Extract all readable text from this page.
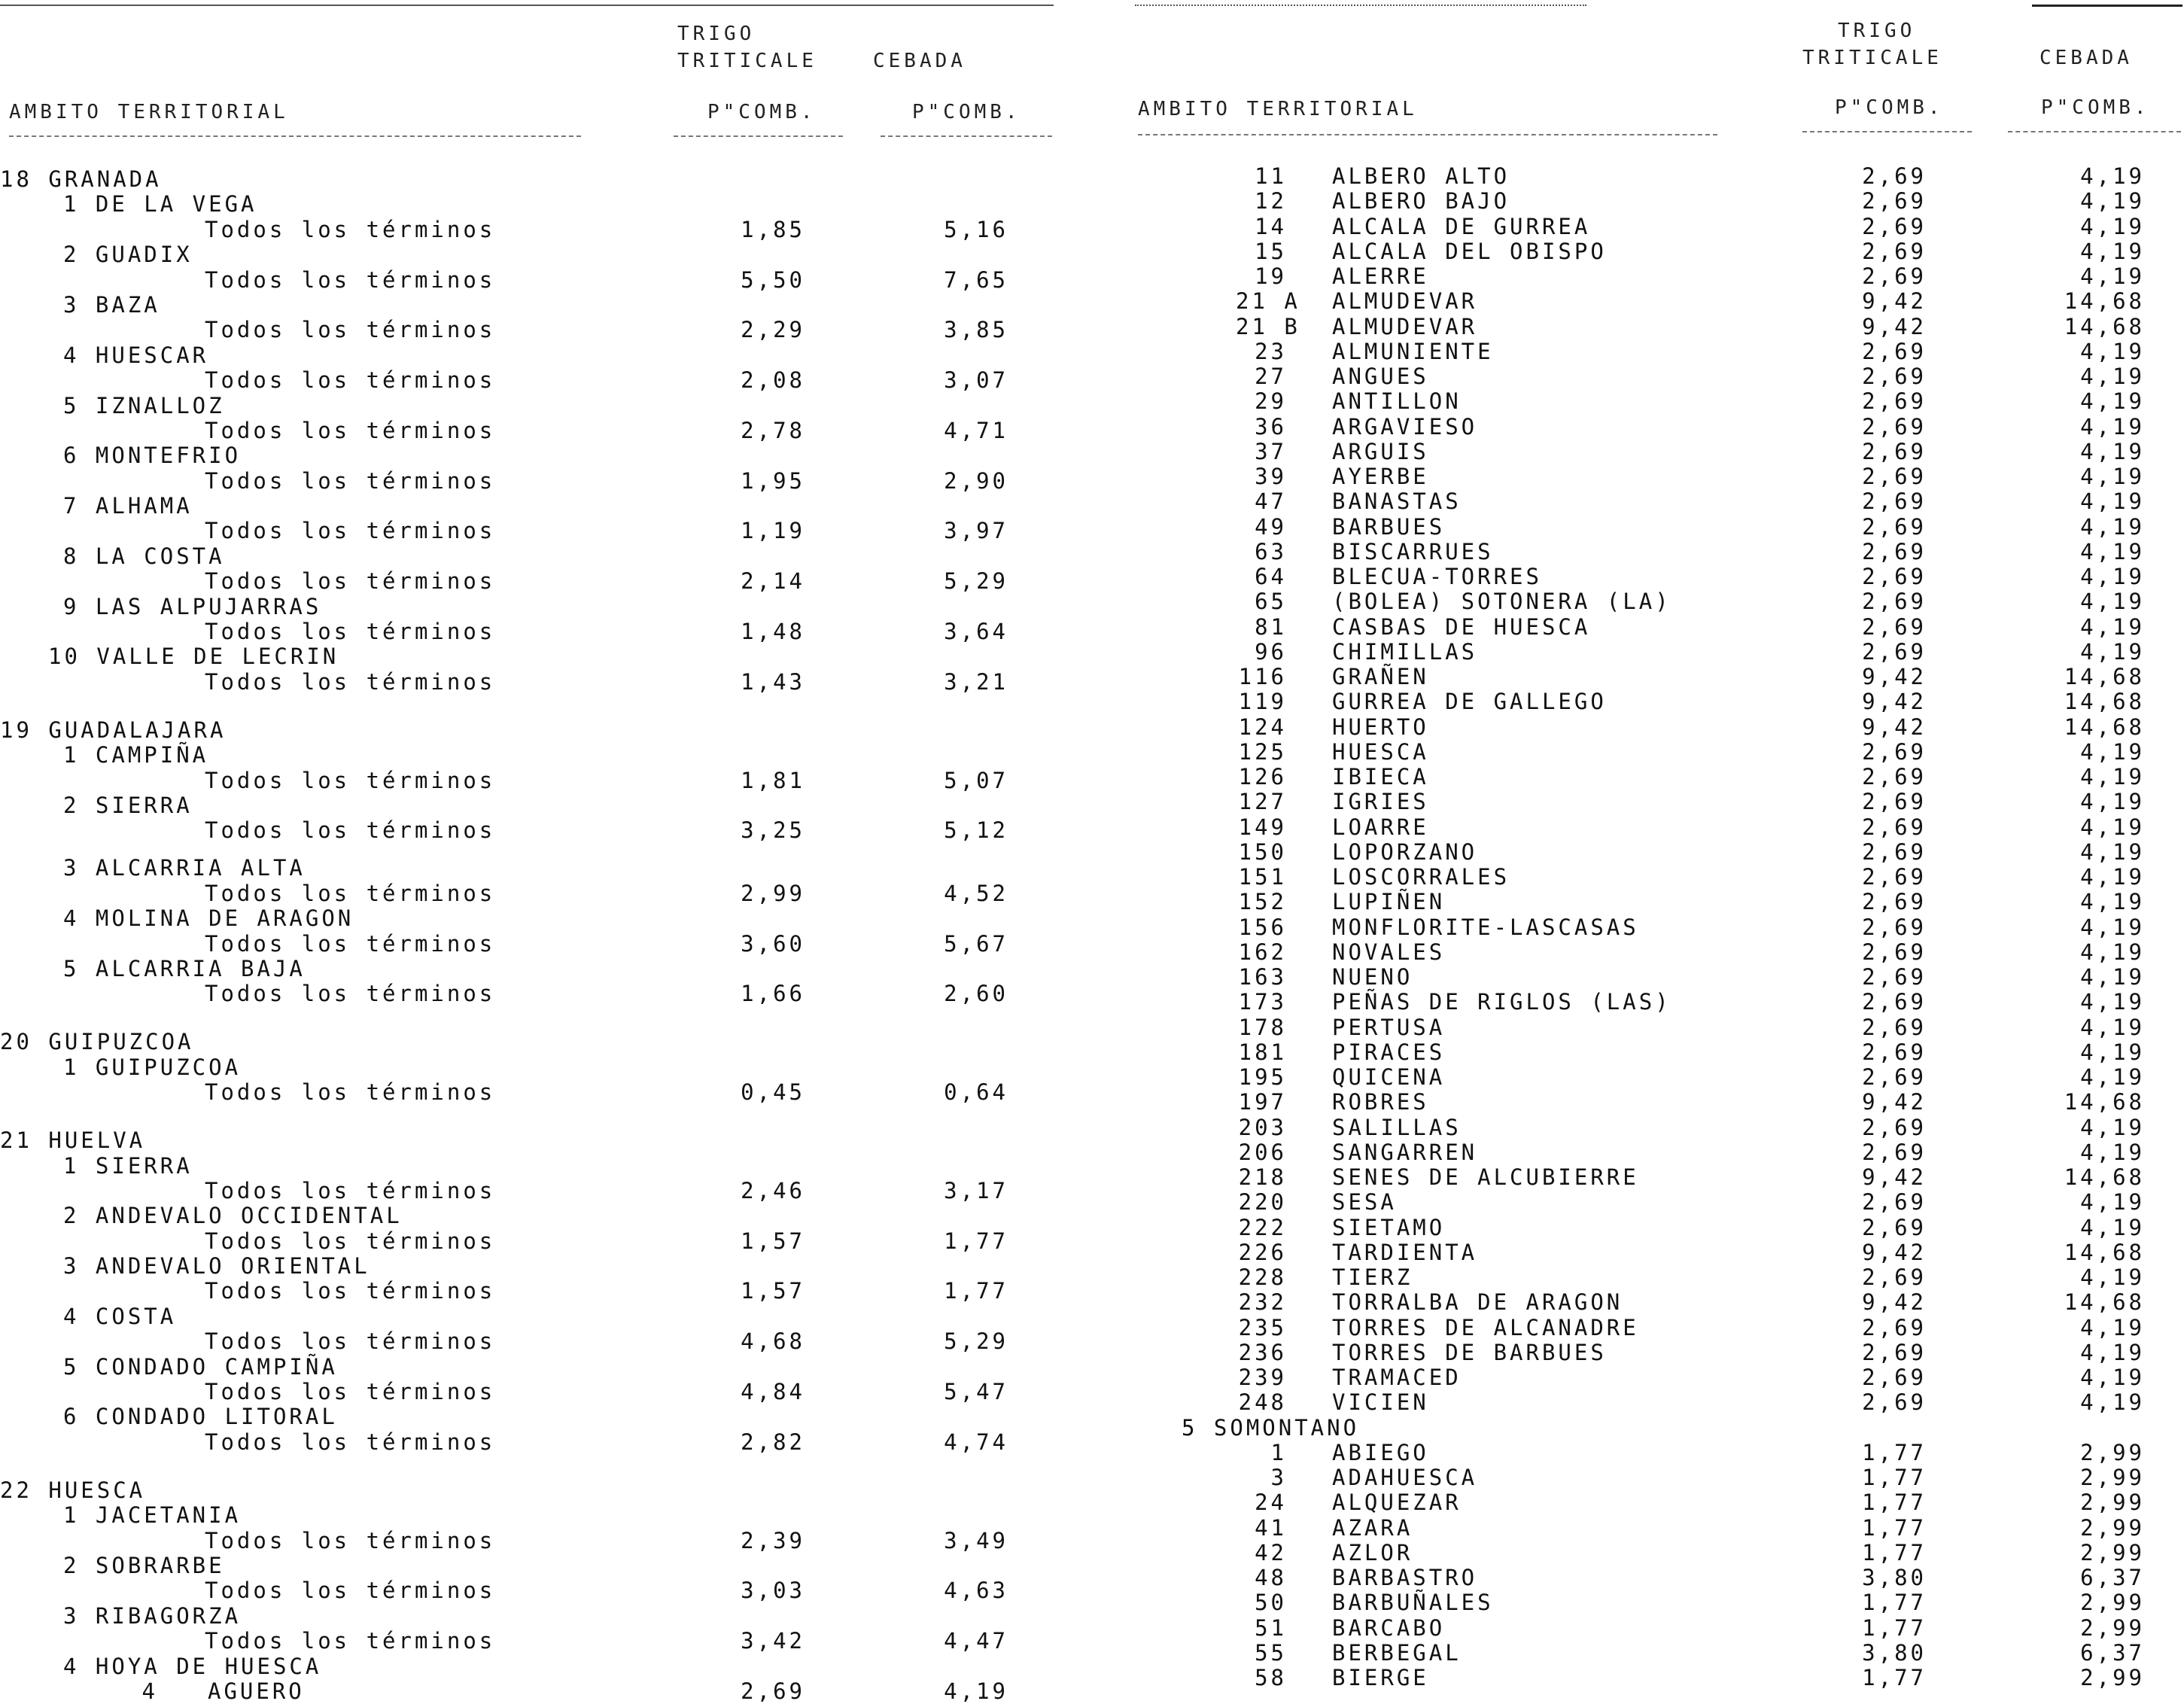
TRIGO
TRITICALE	CEBADA
AMBITO TERRITORIAL	P"COMB.	P"COMB.
18 GRANADA
1 DE LA VEGA
Todos los términos	1,85	5,16
2 GUADIX
Todos los términos	5,50	7,65
3 BAZA
Todos los términos	2,29	3,85
4 HUESCAR
Todos los términos	2,08	3,07
5 IZNALLOZ
Todos los términos	2,78	4,71
6 MONTEFRIO
Todos los términos	1,95	2,90
7 ALHAMA
Todos los términos	1,19	3,97
8 LA COSTA
Todos los términos	2,14	5,29
9 LAS ALPUJARRAS
Todos los términos	1,48	3,64
10 VALLE DE LECRIN
Todos los términos	1,43	3,21
19 GUADALAJARA
1 CAMPIÑA
Todos los términos	1,81	5,07
2 SIERRA
Todos los términos	3,25	5,12
3 ALCARRIA ALTA
Todos los términos	2,99	4,52
4 MOLINA DE ARAGON
Todos los términos	3,60	5,67
5 ALCARRIA BAJA
Todos los términos	1,66	2,60
20 GUIPUZCOA
1 GUIPUZCOA
Todos los términos	0,45	0,64
21 HUELVA
1 SIERRA
Todos los términos	2,46	3,17
2 ANDEVALO OCCIDENTAL
Todos los términos	1,57	1,77
3 ANDEVALO ORIENTAL
Todos los términos	1,57	1,77
4 COSTA
Todos los términos	4,68	5,29
5 CONDADO CAMPIÑA
Todos los términos	4,84	5,47
6 CONDADO LITORAL
Todos los términos	2,82	4,74
22 HUESCA
1 JACETANIA
Todos los términos	2,39	3,49
2 SOBRARBE
Todos los términos	3,03	4,63
3 RIBAGORZA
Todos los términos	3,42	4,47
4 HOYA DE HUESCA
4 AGUERO	2,69	4,19
TRIGO
TRITICALE	CEBADA
AMBITO TERRITORIAL	P"COMB.	P"COMB.
11 ALBERO ALTO	2,69	4,19
12 ALBERO BAJO	2,69	4,19
14 ALCALA DE GURREA	2,69	4,19
15 ALCALA DEL OBISPO	2,69	4,19
19 ALERRE	2,69	4,19
21 A ALMUDEVAR	9,42	14,68
21 B ALMUDEVAR	9,42	14,68
23 ALMUNIENTE	2,69	4,19
27 ANGUES	2,69	4,19
29 ANTILLON	2,69	4,19
36 ARGAVIESO	2,69	4,19
37 ARGUIS	2,69	4,19
39 AYERBE	2,69	4,19
47 BANASTAS	2,69	4,19
49 BARBUES	2,69	4,19
63 BISCARRUES	2,69	4,19
64 BLECUA-TORRES	2,69	4,19
65 (BOLEA) SOTONERA (LA)	2,69	4,19
81 CASBAS DE HUESCA	2,69	4,19
96 CHIMILLAS	2,69	4,19
116 GRAÑEN	9,42	14,68
119 GURREA DE GALLEGO	9,42	14,68
124 HUERTO	9,42	14,68
125 HUESCA	2,69	4,19
126 IBIECA	2,69	4,19
127 IGRIES	2,69	4,19
149 LOARRE	2,69	4,19
150 LOPORZANO	2,69	4,19
151 LOSCORRALES	2,69	4,19
152 LUPIÑEN	2,69	4,19
156 MONFLORITE-LASCASAS	2,69	4,19
162 NOVALES	2,69	4,19
163 NUENO	2,69	4,19
173 PEÑAS DE RIGLOS (LAS)	2,69	4,19
178 PERTUSA	2,69	4,19
181 PIRACES	2,69	4,19
195 QUICENA	2,69	4,19
197 ROBRES	9,42	14,68
203 SALILLAS	2,69	4,19
206 SANGARREN	2,69	4,19
218 SENES DE ALCUBIERRE	9,42	14,68
220 SESA	2,69	4,19
222 SIETAMO	2,69	4,19
226 TARDIENTA	9,42	14,68
228 TIERZ	2,69	4,19
232 TORRALBA DE ARAGON	9,42	14,68
235 TORRES DE ALCANADRE	2,69	4,19
236 TORRES DE BARBUES	2,69	4,19
239 TRAMACED	2,69	4,19
248 VICIEN	2,69	4,19
5 SOMONTANO
1 ABIEGO	1,77	2,99
3 ADAHUESCA	1,77	2,99
24 ALQUEZAR	1,77	2,99
41 AZARA	1,77	2,99
42 AZLOR	1,77	2,99
48 BARBASTRO	3,80	6,37
50 BARBUÑALES	1,77	2,99
51 BARCABO	1,77	2,99
55 BERBEGAL	3,80	6,37
58 BIERGE	1,77	2,99
